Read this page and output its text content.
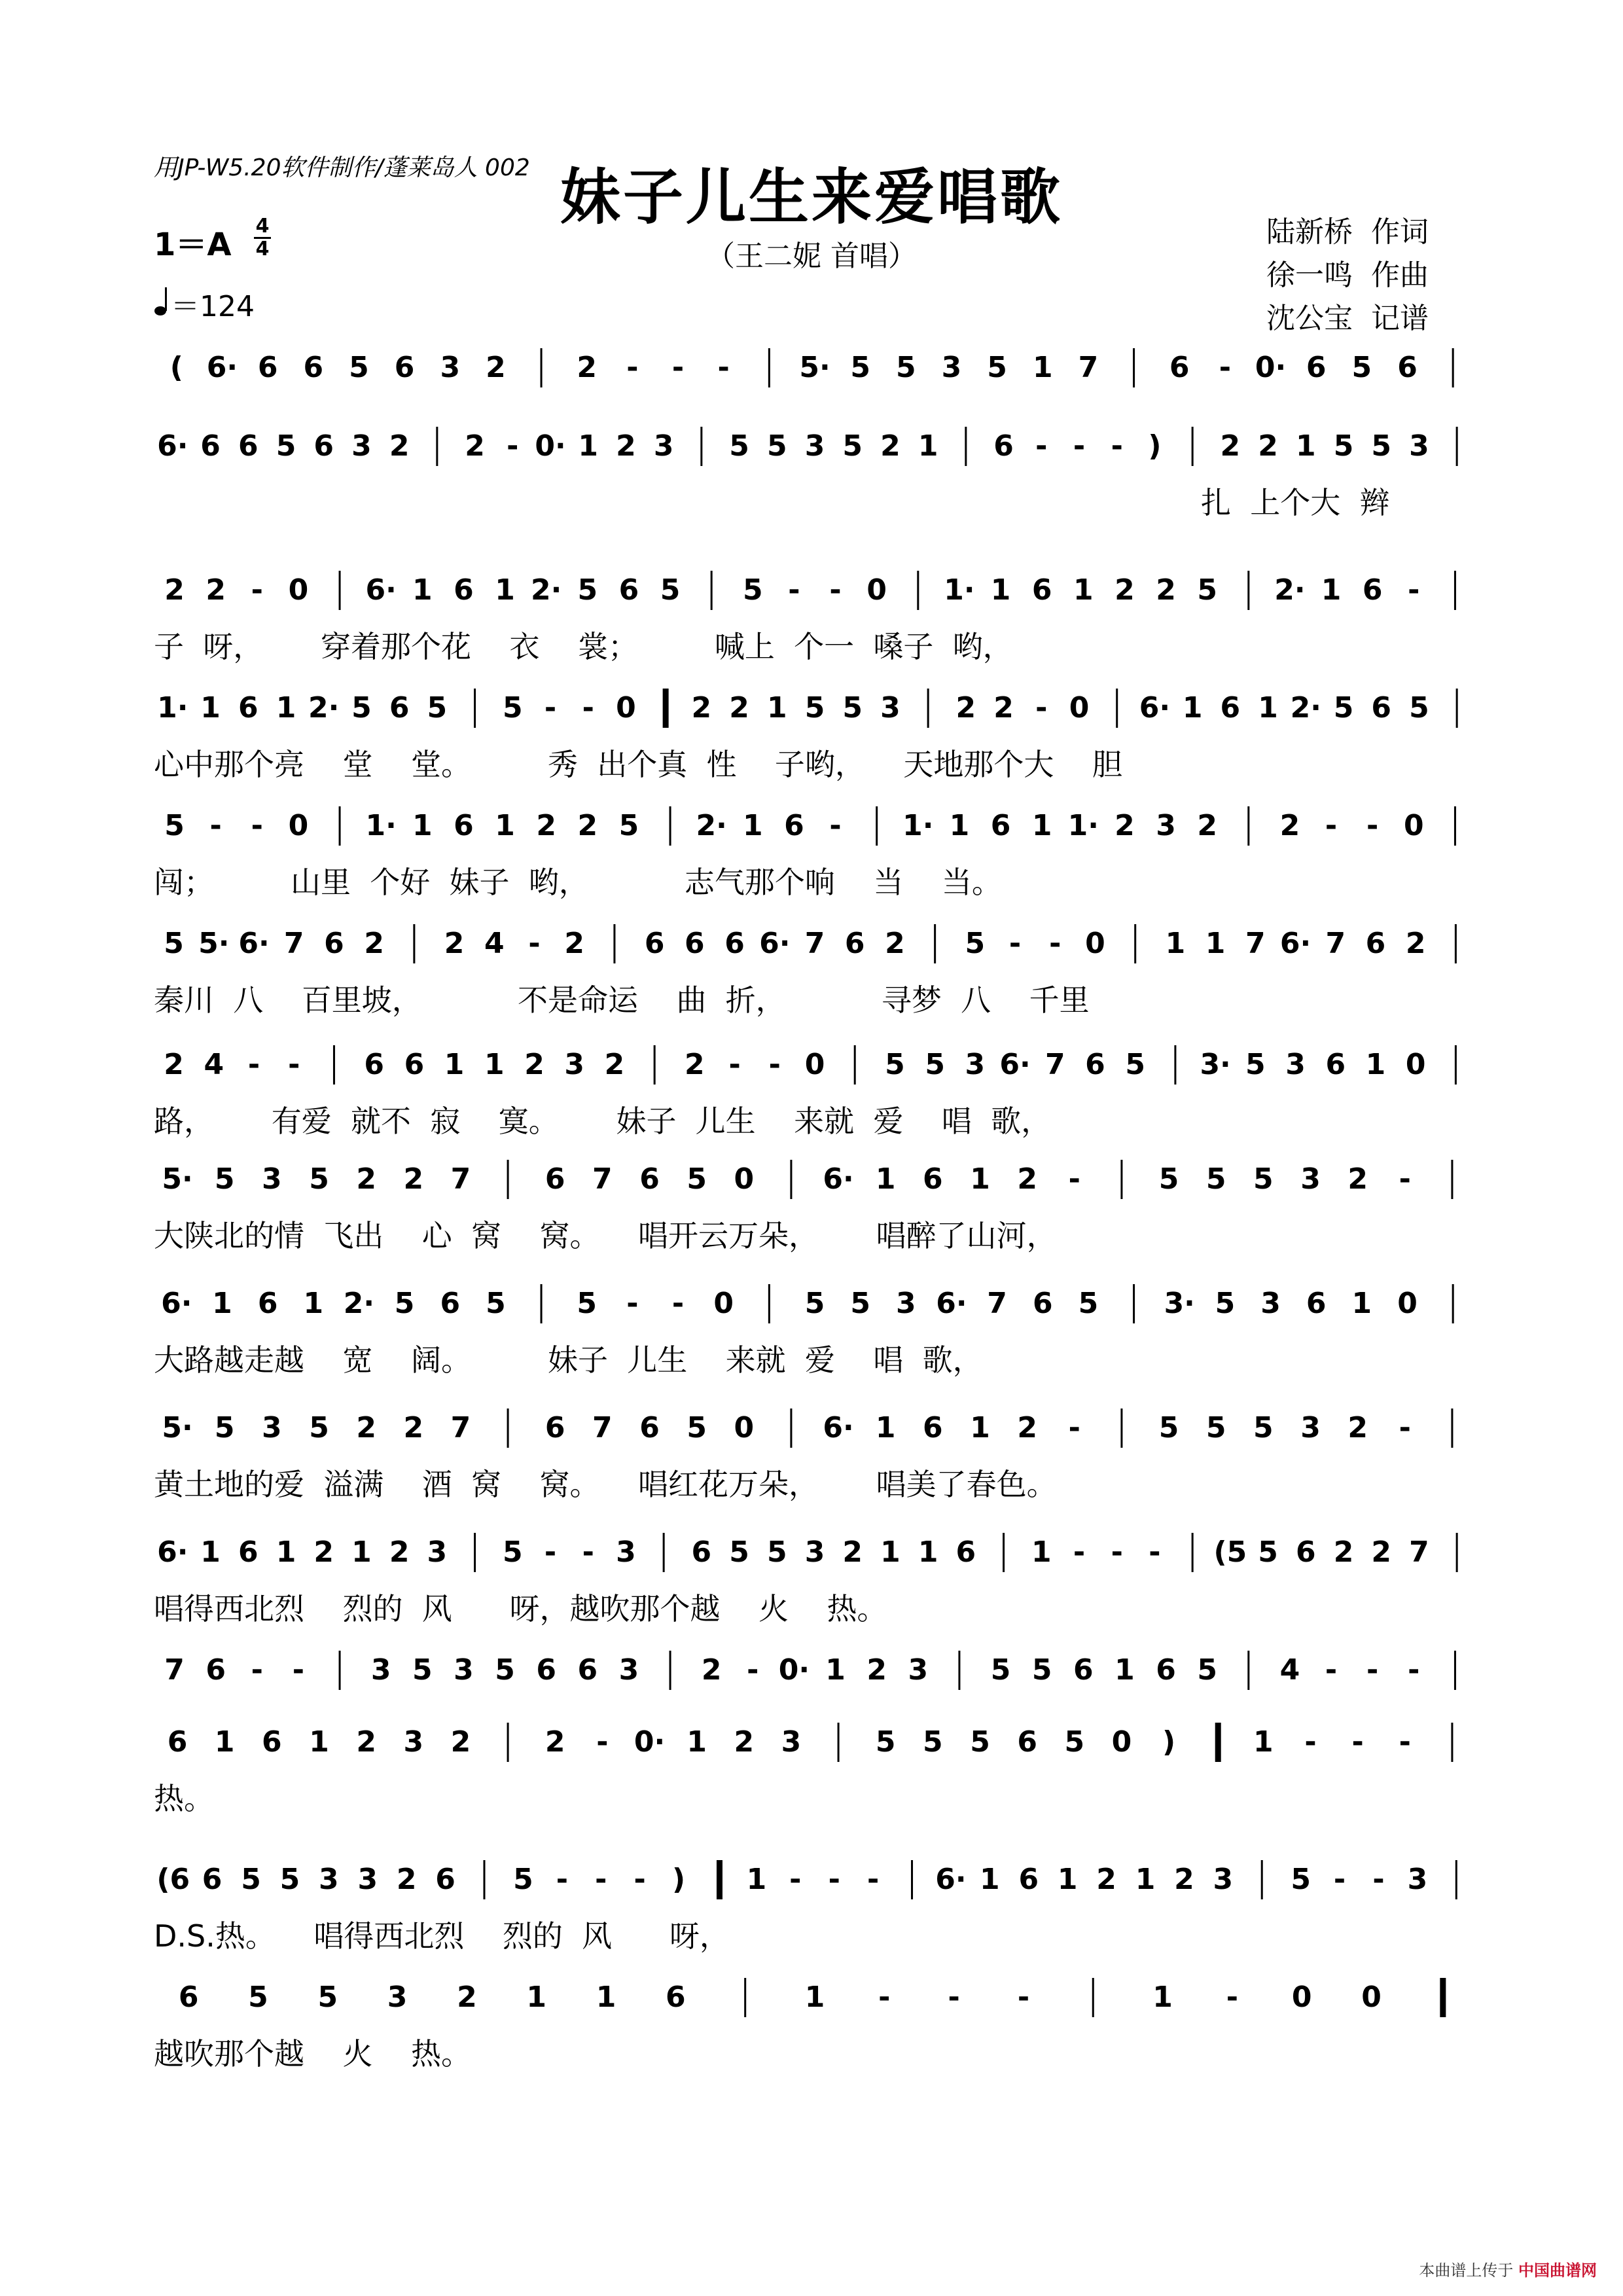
用JP-W5.20软件制作/蓬莱岛人 002 妹子儿生来爱唱歌
（王二妮 首唱）
陆新桥  作词
徐一鸣  作曲
沈公宝  记谱
1＝A
4
4
＝124
( 6· 6 6 5 6 3 2 2 - - - 5· 5 5 3 5 1 7 6 - 0· 6 5 6
6· 6 6 5 6 3 2 2 - 0· 1 2 3 5 5 3 5 2 1 6 - - - ) 2 2 1 5 5 3
扎  上个大  辫
2 2 - 0 6· 1 6 1 2· 5 6 5 5 - - 0 1· 1 6 1 2 2 5 2· 1 6 -
子  呀，      穿着那个花    衣    裳；        喊上  个一  嗓子  哟，
1· 1 6 1 2· 5 6 5 5 - - 0 2 2 1 5 5 3 2 2 - 0 6· 1 6 1 2· 5 6 5
心中那个亮    堂    堂。        秀  出个真  性    子哟，    天地那个大    胆
5 - - 0 1· 1 6 1 2 2 5 2· 1 6 - 1· 1 6 1 1· 2 3 2 2 - - 0
闯；        山里  个好  妹子  哟，          志气那个响    当    当。
5 5· 6· 7 6 2 2 4 - 2 6 6 6 6· 7 6 2 5 - - 0 1 1 7 6· 7 6 2
秦川  八    百里坡，          不是命运    曲  折，          寻梦  八    千里
2 4 - - 6 6 1 1 2 3 2 2 - - 0 5 5 3 6· 7 6 5 3· 5 3 6 1 0
路，      有爱  就不  寂    寞。      妹子  儿生    来就  爱    唱  歌，
5· 5 3 5 2 2 7	6 7 6 5 0 6· 1 6 1 2 -	5 5 5 3 2 -
大陕北的情  飞出    心  窝    窝。    唱开云万朵，      唱醉了山河，
6· 1 6 1 2· 5 6 5 5 - - 0 5 5 3 6· 7 6 5 3· 5 3 6 1 0
大路越走越    宽    阔。        妹子  儿生    来就  爱    唱  歌，
5· 5 3 5 2 2 7	6 7 6 5 0 6· 1 6 1 2 -	5 5 5 3 2 -
黄土地的爱  溢满    酒  窝    窝。    唱红花万朵，      唱美了春色。
6· 1 6 1 2 1 2 3 5 - - 3 6 5 5 3 2 1 1 6 1 - - - (5 5 6 2 2 7
唱得西北烈    烈的  风      呀，越吹那个越    火    热。
7 6 - - 3 5 3 5 6 6 3 2 - 0· 1 2 3 5 5 6 1 6 5 4 - - -
6 1 6 1 2 3 2	2 - 0· 1 2 3	5 5 5 6 5 0 )	1 - - -
热。
(6 6 5 5 3 3 2 6 5 - - - ) 1 - - - 6· 1 6 1 2 1 2 3 5 - - 3
D.S.热。    唱得西北烈    烈的  风      呀，
6 5 5 3 2 1 1 6	1 - - -	1 - 0 0
越吹那个越    火    热。
本曲谱上传于 中国曲谱网
